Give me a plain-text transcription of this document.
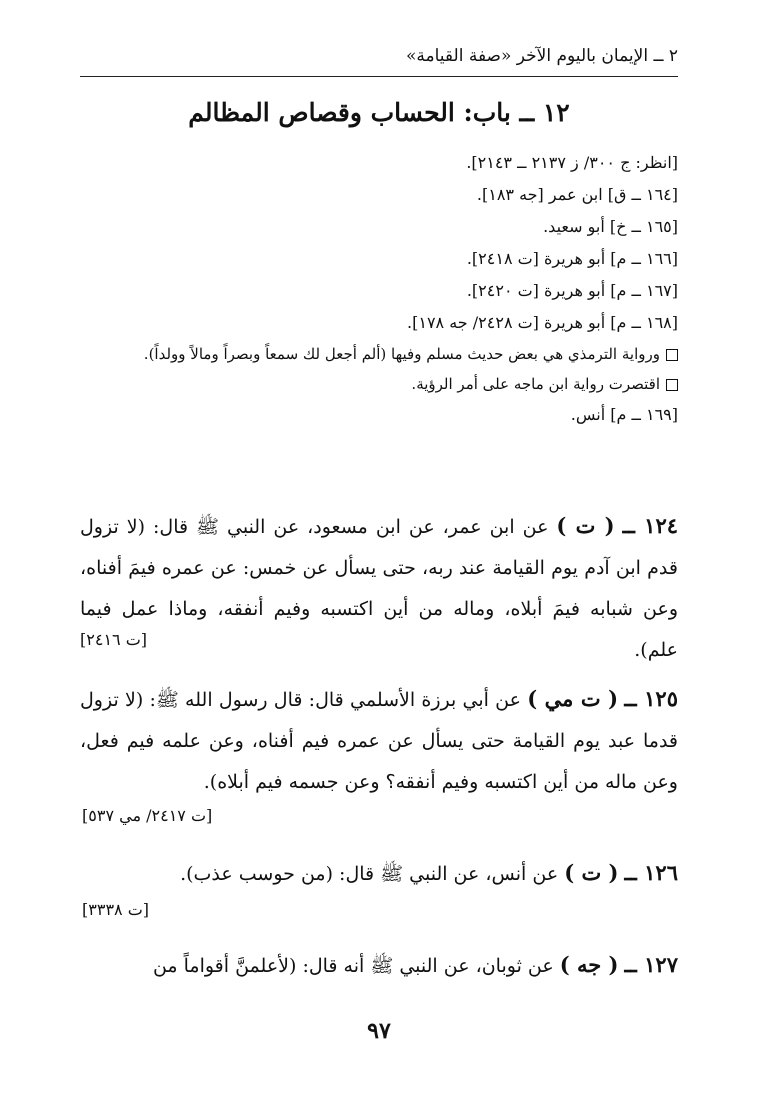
٢ ــ الإيمان باليوم الآخر «صفة القيامة»
١٢ ــ باب: الحساب وقصاص المظالم
[انظر: ج ٣٠٠/ ز ٢١٣٧ ــ ٢١٤٣].
[١٦٤ ــ ق] ابن عمر [جه ١٨٣].
[١٦٥ ــ خ] أبو سعيد.
[١٦٦ ــ م] أبو هريرة [ت ٢٤١٨].
[١٦٧ ــ م] أبو هريرة [ت ٢٤٢٠].
[١٦٨ ــ م] أبو هريرة [ت ٢٤٢٨/ جه ١٧٨].
ورواية الترمذي هي بعض حديث مسلم وفيها (ألم أجعل لك سمعاً وبصراً ومالاً وولداً).
اقتصرت رواية ابن ماجه على أمر الرؤية.
[١٦٩ ــ م] أنس.
١٢٤ ــ ( ت ) عن ابن عمر، عن ابن مسعود، عن النبي ﷺ قال: (لا تزول قدم ابن آدم يوم القيامة عند ربه، حتى يسأل عن خمس: عن عمره فيمَ أفناه، وعن شبابه فيمَ أبلاه، وماله من أين اكتسبه وفيم أنفقه، وماذا عمل فيما علم).
[ت ٢٤١٦]
١٢٥ ــ ( ت مي ) عن أبي برزة الأسلمي قال: قال رسول الله ﷺ: (لا تزول قدما عبد يوم القيامة حتى يسأل عن عمره فيم أفناه، وعن علمه فيم فعل، وعن ماله من أين اكتسبه وفيم أنفقه؟ وعن جسمه فيم أبلاه).
[ت ٢٤١٧/ مي ٥٣٧]
١٢٦ ــ ( ت ) عن أنس، عن النبي ﷺ قال: (من حوسب عذب).
[ت ٣٣٣٨]
١٢٧ ــ ( جه ) عن ثوبان، عن النبي ﷺ أنه قال: (لأعلمنَّ أقواماً من
٩٧
